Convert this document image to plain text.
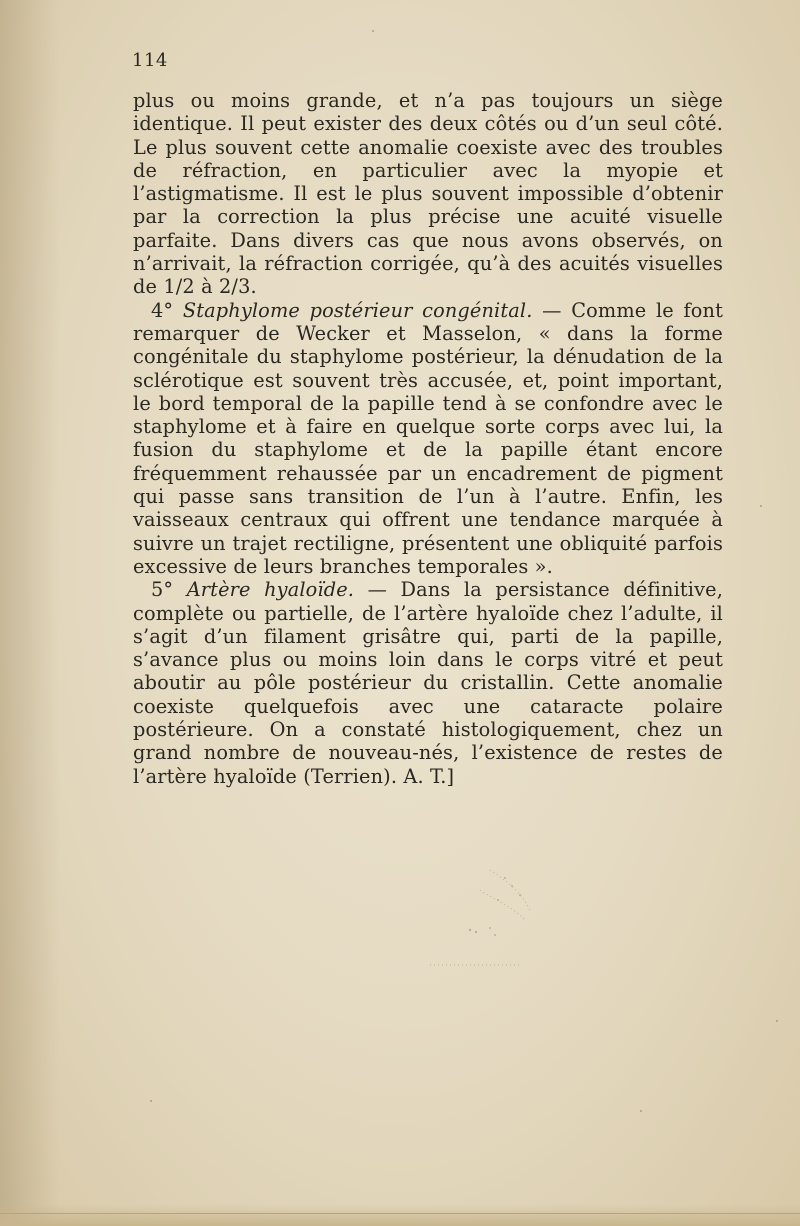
114

plus ou moins grande, et n’a pas toujours un siège identique. Il peut exister des deux côtés ou d’un seul côté. Le plus souvent cette anomalie coexiste avec des troubles de réfraction, en particulier avec la myopie et l’astigmatisme. Il est le plus souvent impossible d’obtenir par la correction la plus précise une acuité visuelle parfaite. Dans divers cas que nous avons observés, on n’arrivait, la réfraction corrigée, qu’à des acuités visuelles de 1/2 à 2/3.

4° Staphylome postérieur congénital. — Comme le font remarquer de Wecker et Masselon, « dans la forme congénitale du staphylome postérieur, la dénudation de la sclérotique est souvent très accusée, et, point important, le bord temporal de la papille tend à se confondre avec le staphylome et à faire en quelque sorte corps avec lui, la fusion du staphylome et de la papille étant encore fréquemment rehaussée par un encadrement de pigment qui passe sans transition de l’un à l’autre. Enfin, les vaisseaux centraux qui offrent une tendance marquée à suivre un trajet rectiligne, présentent une obliquité parfois excessive de leurs branches temporales ».

5° Artère hyaloïde. — Dans la persistance définitive, complète ou partielle, de l’artère hyaloïde chez l’adulte, il s’agit d’un filament grisâtre qui, parti de la papille, s’avance plus ou moins loin dans le corps vitré et peut aboutir au pôle postérieur du cristallin. Cette anomalie coexiste quelquefois avec une cataracte polaire postérieure. On a constaté histologiquement, chez un grand nombre de nouveau-nés, l’existence de restes de l’artère hyaloïde (Terrien). A. T.]
